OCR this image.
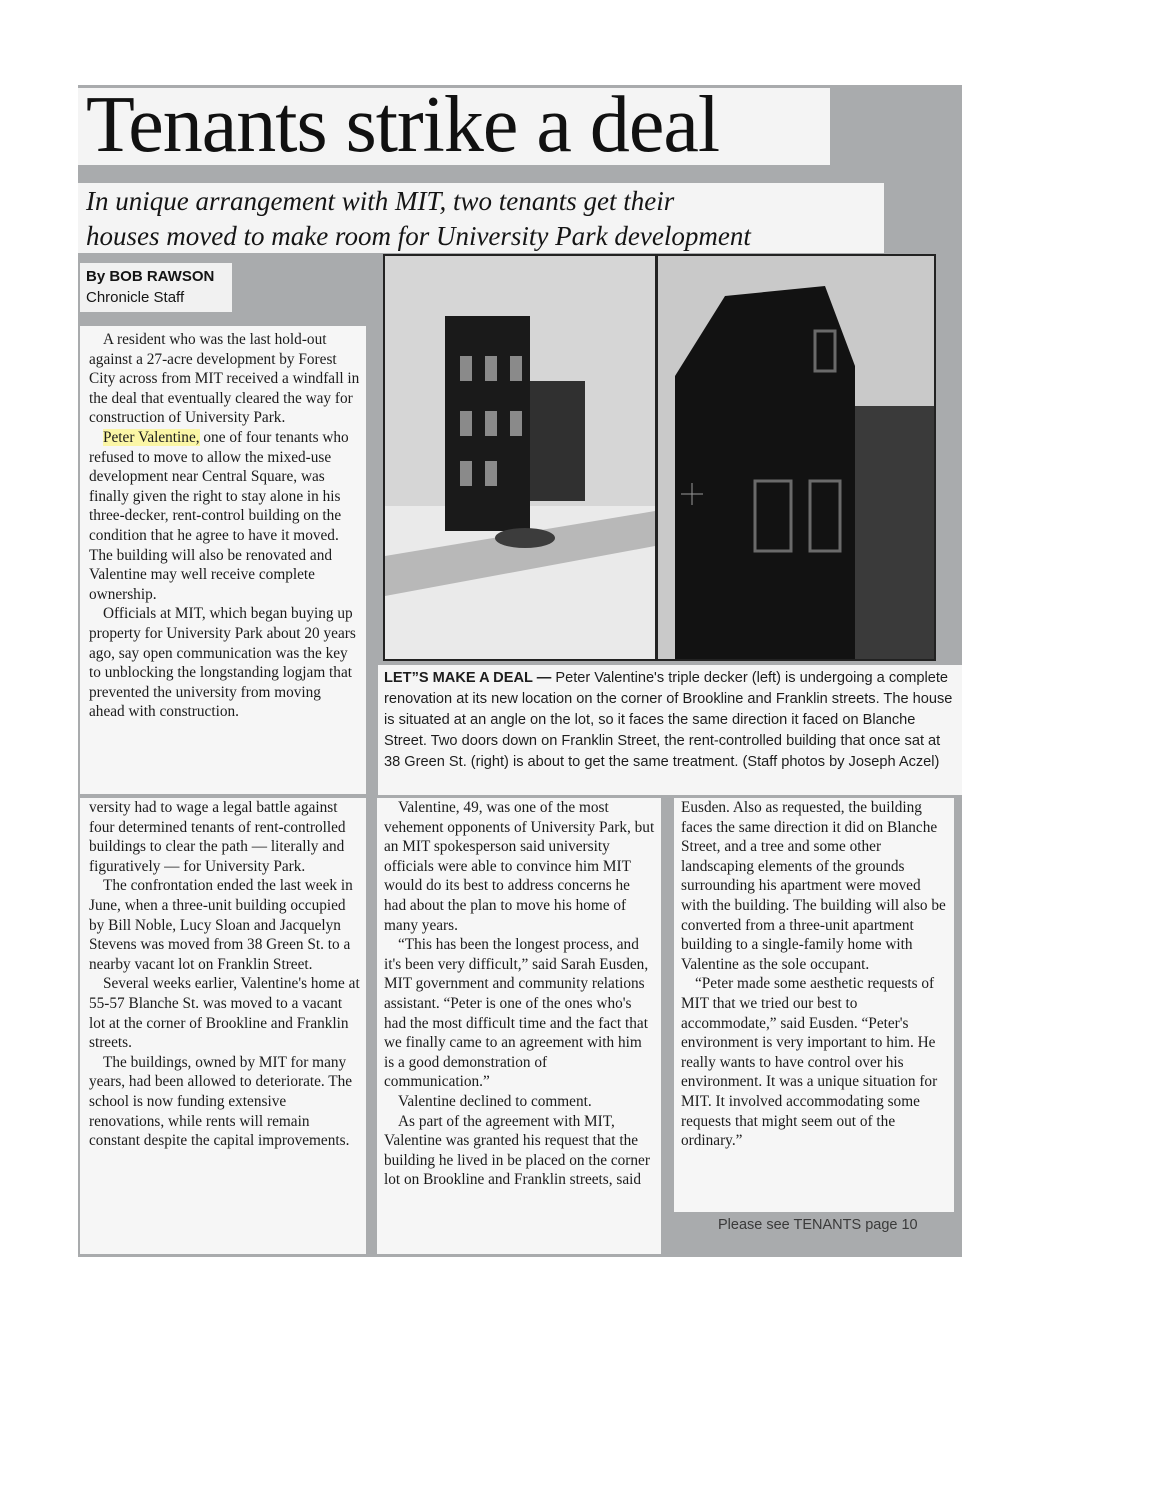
Tenants strike a deal
In unique arrangement with MIT, two tenants get their
houses moved to make room for University Park development
By BOB RAWSON
Chronicle Staff

A resident who was the last hold-out against a 27-acre development by Forest City across from MIT received a windfall in the deal that eventually cleared the way for construction of University Park.

Peter Valentine, one of four tenants who refused to move to allow the mixed-use development near Central Square, was finally given the right to stay alone in his three-decker, rent-control building on the condition that he agree to have it moved. The building will also be renovated and Valentine may well receive complete ownership.

Officials at MIT, which began buying up property for University Park about 20 years ago, say open communication was the key to unblocking the longstanding logjam that prevented the university from moving ahead with construction.

versity had to wage a legal battle against four determined tenants of rent-controlled buildings to clear the path — literally and figuratively — for University Park.

The confrontation ended the last week in June, when a three-unit building occupied by Bill Noble, Lucy Sloan and Jacquelyn Stevens was moved from 38 Green St. to a nearby vacant lot on Franklin Street.

Several weeks earlier, Valentine's home at 55-57 Blanche St. was moved to a vacant lot at the corner of Brookline and Franklin streets.

The buildings, owned by MIT for many years, had been allowed to deteriorate. The school is now funding extensive renovations, while rents will remain constant despite the capital improvements.

LET”S MAKE A DEAL — Peter Valentine's triple decker (left) is undergoing a complete renovation at its new location on the corner of Brookline and Franklin streets. The house is situated at an angle on the lot, so it faces the same direction it faced on Blanche Street. Two doors down on Franklin Street, the rent-controlled building that once sat at 38 Green St. (right) is about to get the same treatment. (Staff photos by Joseph Aczel)

Valentine, 49, was one of the most vehement opponents of University Park, but an MIT spokesperson said university officials were able to convince him MIT would do its best to address concerns he had about the plan to move his home of many years.

“This has been the longest process, and it's been very difficult,” said Sarah Eusden, MIT government and community relations assistant. “Peter is one of the ones who's had the most difficult time and the fact that we finally came to an agreement with him is a good demonstration of communication.”

Valentine declined to comment.

As part of the agreement with MIT, Valentine was granted his request that the building he lived in be placed on the corner lot on Brookline and Franklin streets, said

Eusden. Also as requested, the building faces the same direction it did on Blanche Street, and a tree and some other landscaping elements of the grounds surrounding his apartment were moved with the building. The building will also be converted from a three-unit apartment building to a single-family home with Valentine as the sole occupant.

“Peter made some aesthetic requests of MIT that we tried our best to accommodate,” said Eusden. “Peter's environment is very important to him. He really wants to have control over his environment. It was a unique situation for MIT. It involved accommodating some requests that might seem out of the ordinary.”

Please see TENANTS page 10
